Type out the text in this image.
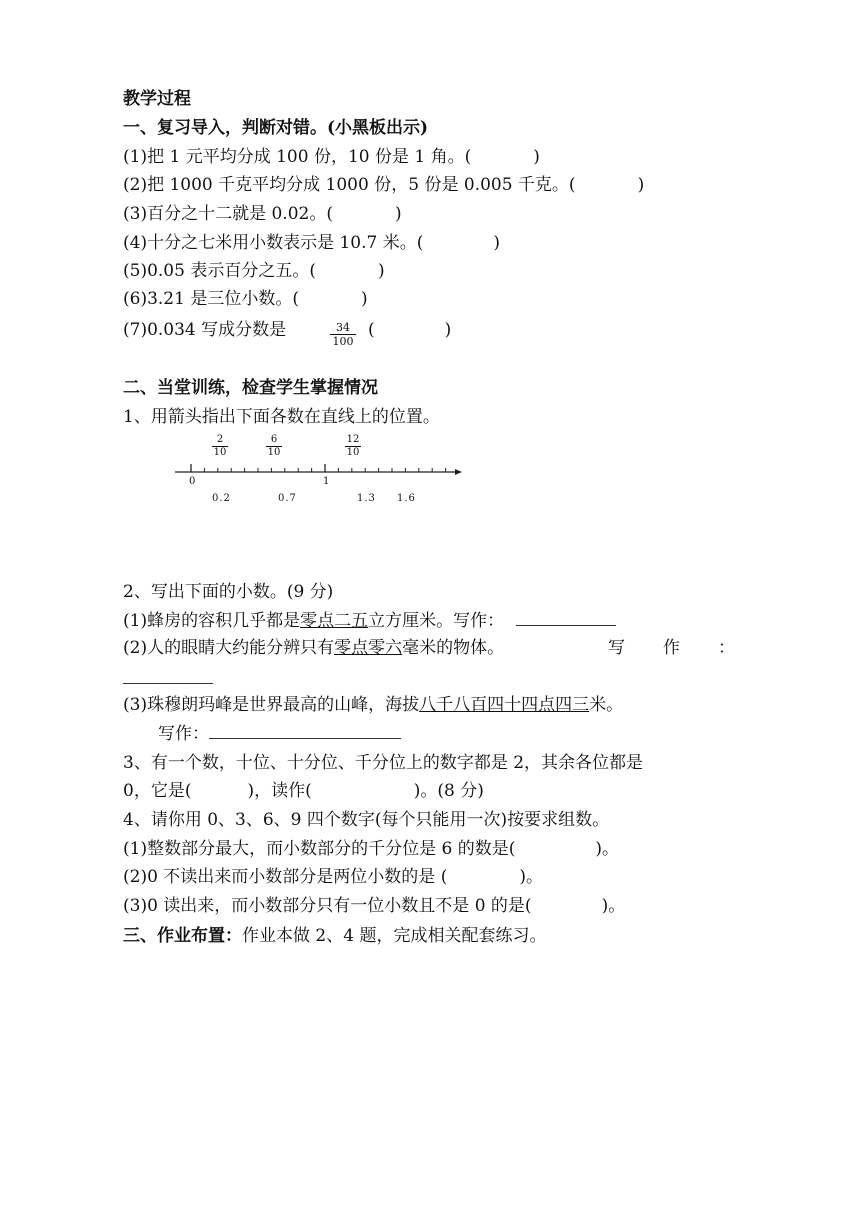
教学过程
一、复习导入，判断对错。(小黑板出示)
(1)把 1 元平均分成 100 份，10 份是 1 角。(	)
(2)把 1000 千克平均分成 1000 份，5 份是 0.005 千克。(	)
(3)百分之十二就是 0.02。(	)
(4)十分之七米用小数表示是 10.7 米。(	)
(5)0.05 表示百分之五。(	)
(6)3.21 是三位小数。(	)
(7)0.034 写成分数是	34
100
(	)
二、当堂训练，检查学生掌握情况
1、用箭头指出下面各数在直线上的位置。
2
10
6
10
12
10
0	1
0.2	0.7	1.3 1.6
2、写出下面的小数。(9 分)
(1)蜂房的容积几乎都是零点二五立方厘米。写作：
(2)人的眼睛大约能分辨只有零点零六毫米的物体。	写 作 ：
(3)珠穆朗玛峰是世界最高的山峰，海拔八千八百四十四点四三米。
写作：
3、有一个数，十位、十分位、千分位上的数字都是 2，其余各位都是
0，它是(	)，读作(	)。(8 分)
4、请你用 0、3、6、9 四个数字(每个只能用一次)按要求组数。
(1)整数部分最大，而小数部分的千分位是 6 的数是(	)。
(2)0 不读出来而小数部分是两位小数的是 (	)。
(3)0 读出来，而小数部分只有一位小数且不是 0 的是(	)。
三、作业布置：作业本做 2、4 题，完成相关配套练习。
